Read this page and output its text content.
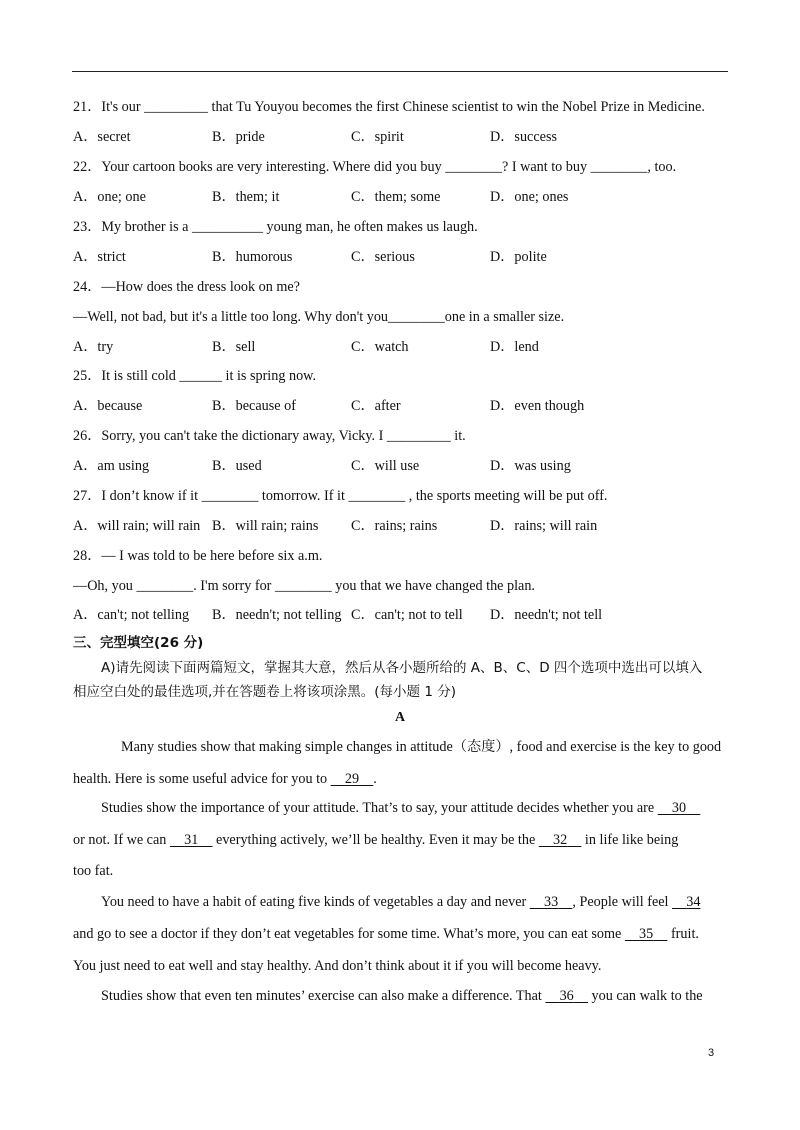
21．It's our _________ that Tu Youyou becomes the first Chinese scientist to win the Nobel Prize in Medicine.
A．secret	B．pride	C．spirit	D．success
22．Your cartoon books are very interesting. Where did you buy ________? I want to buy ________, too.
A．one; one	B．them; it	C．them; some	D．one; ones
23．My brother is a __________ young man, he often makes us laugh.
A．strict	B．humorous	C．serious	D．polite
24．—How does the dress look on me?
—Well, not bad, but it's a little too long. Why don't you________one in a smaller size.
A．try	B．sell	C．watch	D．lend
25．It is still cold ______ it is spring now.
A．because	B．because of	C．after	D．even though
26．Sorry, you can't take the dictionary away, Vicky. I _________ it.
A．am using	B．used	C．will use	D．was using
27．I don’t know if it ________ tomorrow. If it ________ , the sports meeting will be put off.
A．will rain; will rain B．will rain; rains C．rains; rains	D．rains; will rain
28．— I was told to be here before six a.m.
—Oh, you ________. I'm sorry for ________ you that we have changed the plan.
A．can't; not telling B．needn't; not telling C．can't; not to tell D．needn't; not tell
三、完型填空(26 分)
A)请先阅读下面两篇短文，掌握其大意，然后从各小题所给的 A、B、C、D 四个选项中选出可以填入
相应空白处的最佳选项,并在答题卷上将该项涂黑。(每小题 1 分)
A
Many studies show that making simple changes in attitude（态度）, food and exercise is the key to good
health. Here is some useful advice for you to     29 .
Studies show the importance of your attitude. That’s to say, your attitude decides whether you are     30
or not. If we can     31     everything actively, we’ll be healthy. Even it may be the     32     in life like being
too fat.
You need to have a habit of eating five kinds of vegetables a day and never     33 , People will feel     34
and go to see a doctor if they don’t eat vegetables for some time. What’s more, you can eat some     35     fruit.
You just need to eat well and stay healthy. And don’t think about it if you will become heavy.
Studies show that even ten minutes’ exercise can also make a difference. That     36     you can walk to the
3
